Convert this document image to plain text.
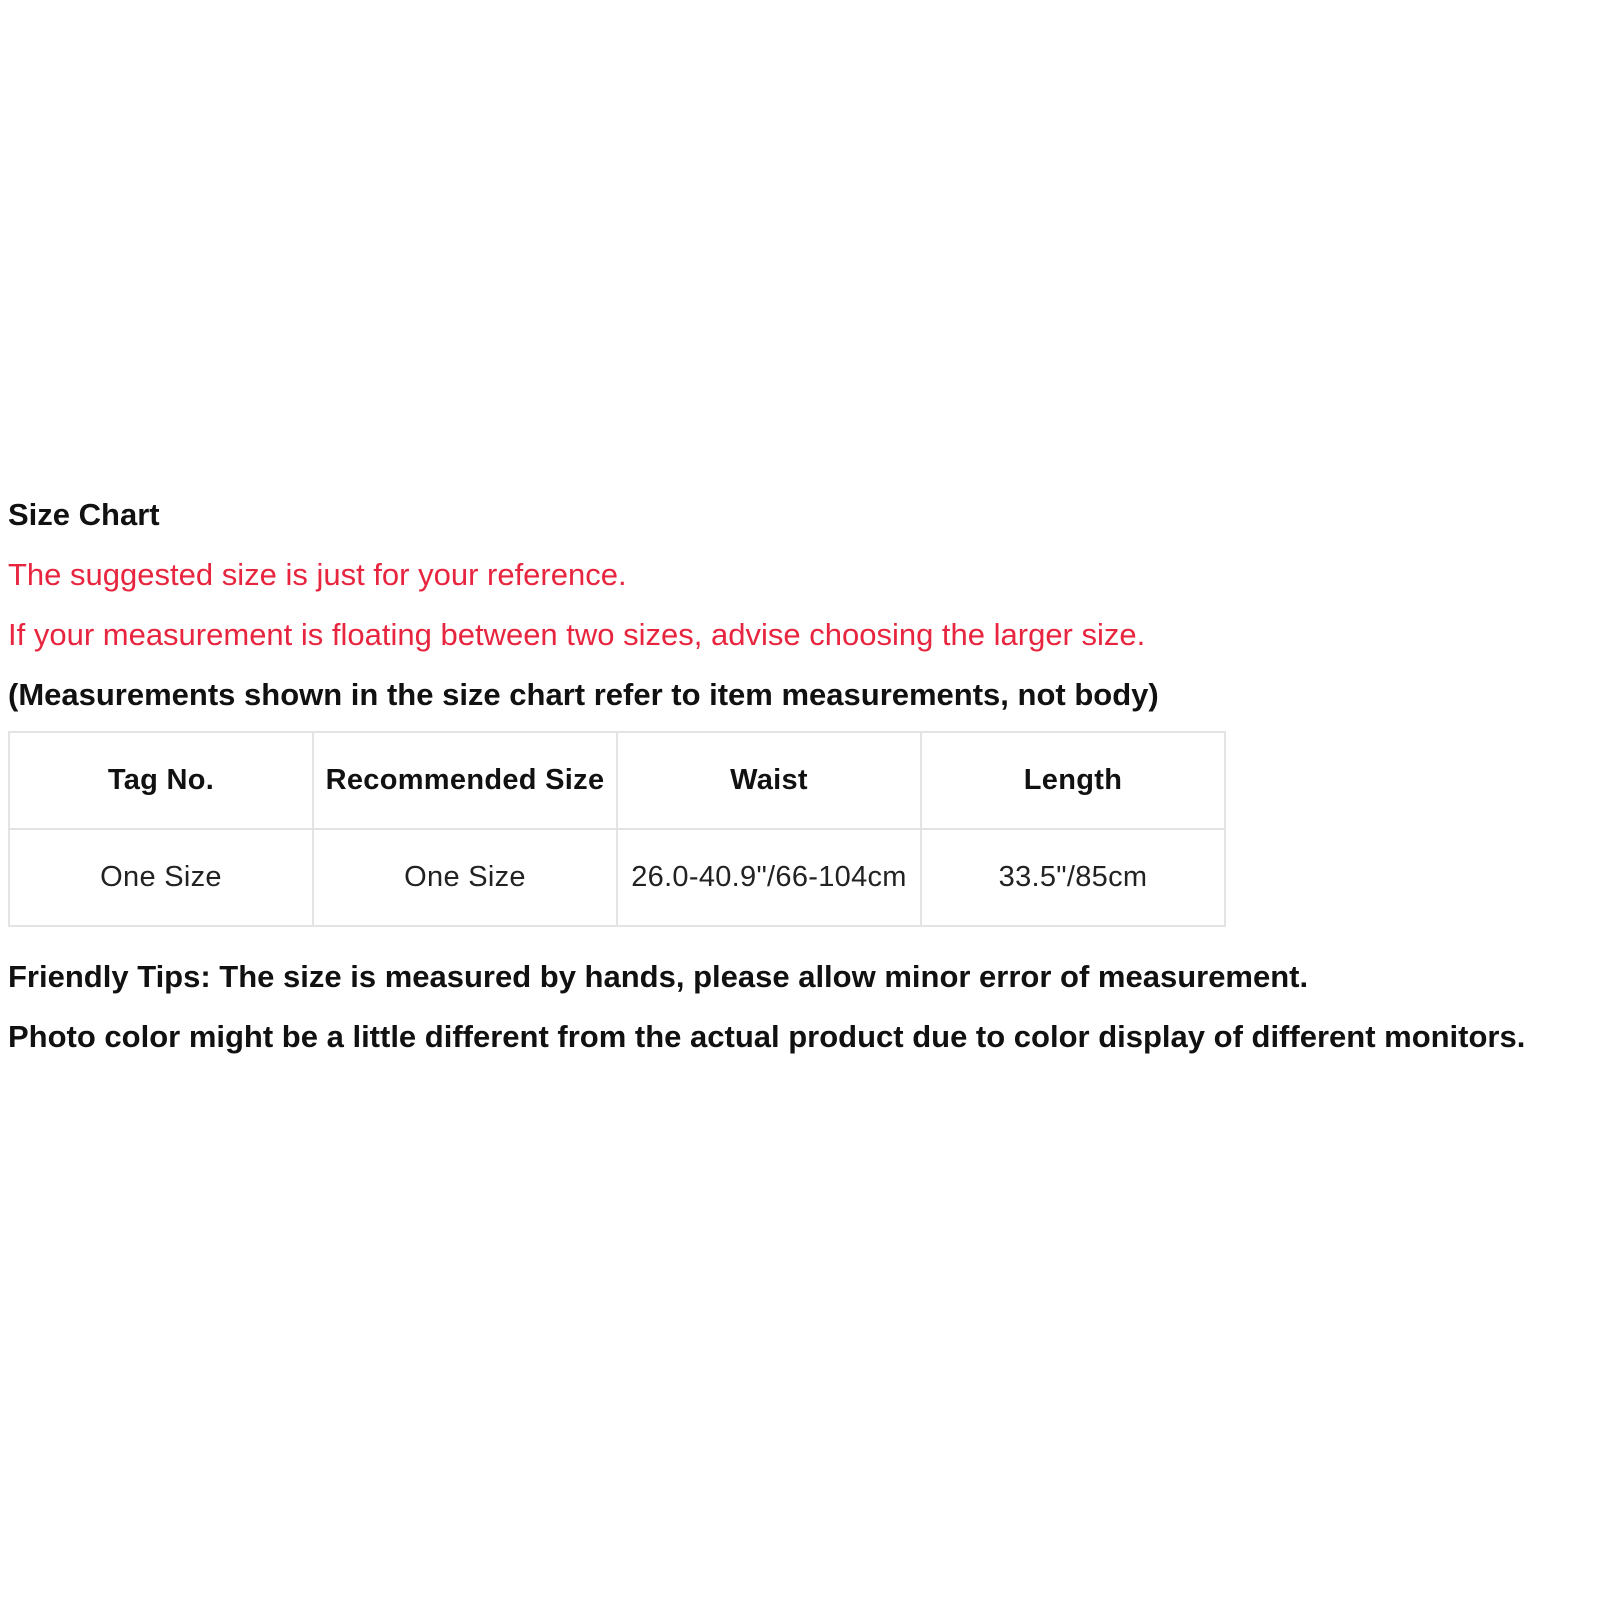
Size Chart
The suggested size is just for your reference.
If your measurement is floating between two sizes, advise choosing the larger size.
(Measurements shown in the size chart refer to item measurements, not body)
Tag No.	Recommended Size	Waist	Length
One Size	One Size	26.0-40.9"/66-104cm	33.5"/85cm
Friendly Tips: The size is measured by hands, please allow minor error of measurement.
Photo color might be a little different from the actual product due to color display of different monitors.
